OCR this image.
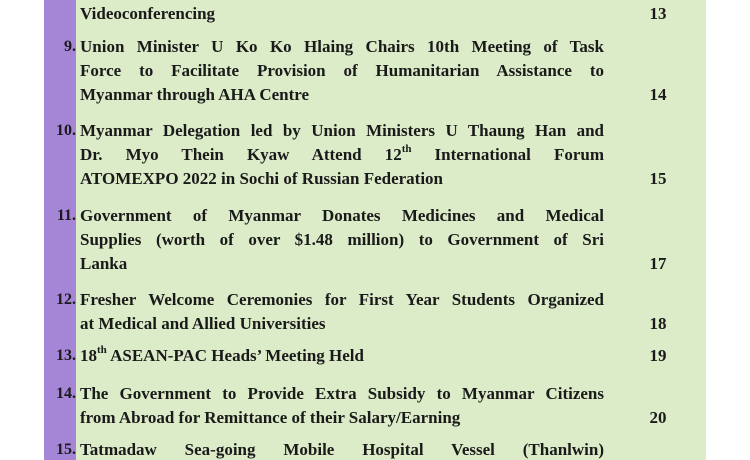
Videoconferencing	13
9. Union Minister U Ko Ko Hlaing Chairs 10th Meeting of Task
Force to Facilitate Provision of Humanitarian Assistance to
Myanmar through AHA Centre	14
10. Myanmar Delegation led by Union Ministers U Thaung Han and
Dr. Myo Thein Kyaw Attend 12th International Forum
ATOMEXPO 2022 in Sochi of Russian Federation	15
11. Government of Myanmar Donates Medicines and Medical
Supplies (worth of over $1.48 million) to Government of Sri
Lanka	17
12. Fresher Welcome Ceremonies for First Year Students Organized
at Medical and Allied Universities	18
13. 18th ASEAN-PAC Heads’ Meeting Held	19
14. The Government to Provide Extra Subsidy to Myanmar Citizens
from Abroad for Remittance of their Salary/Earning	20
15. Tatmadaw Sea-going Mobile Hospital Vessel (Thanlwin)
